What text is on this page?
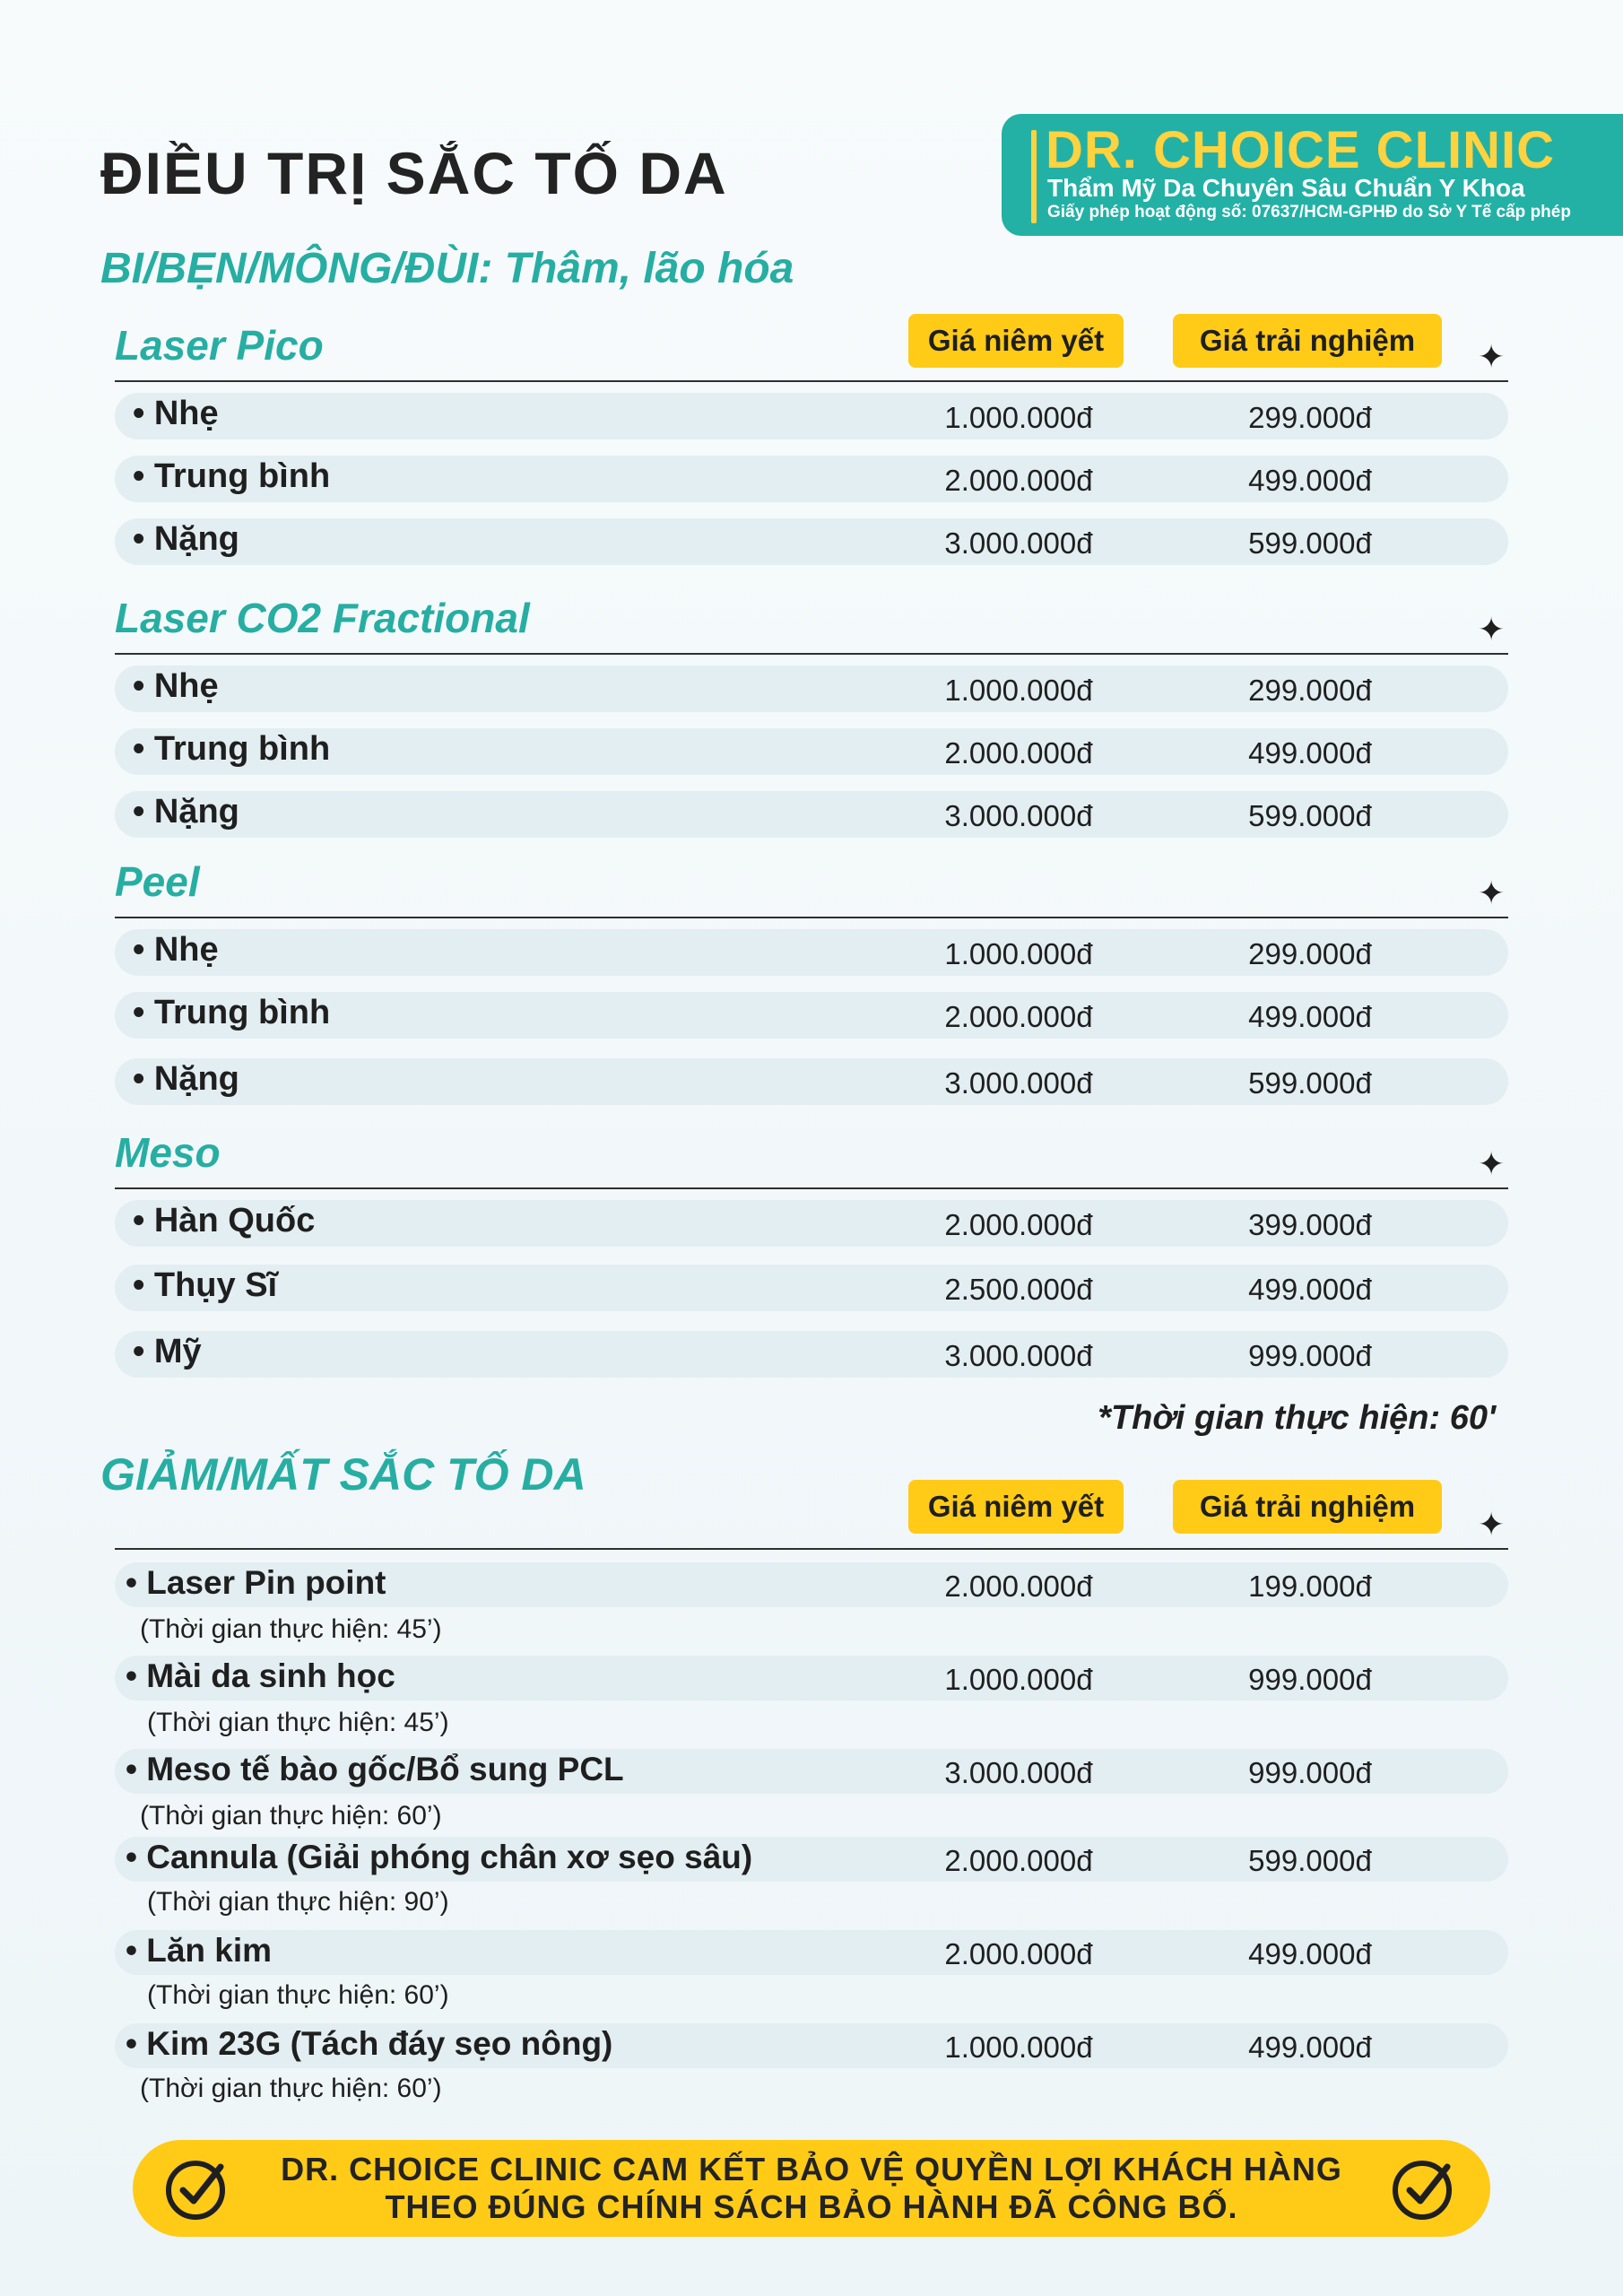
ĐIỀU TRỊ SẮC TỐ DA	DR. CHOICE CLINIC
Thẩm Mỹ Da Chuyên Sâu Chuẩn Y Khoa
Giấy phép hoạt động số: 07637/HCM-GPHĐ do Sở Y Tế cấp phép
BI/BẸN/MÔNG/ĐÙI: Thâm, lão hóa
Laser Pico	Giá niêm yết	Giá trải nghiệm	✦
• Nhẹ	1.000.000đ	299.000đ
• Trung bình	2.000.000đ	499.000đ
• Nặng	3.000.000đ	599.000đ
Laser CO2 Fractional	✦
• Nhẹ	1.000.000đ	299.000đ
• Trung bình	2.000.000đ	499.000đ
• Nặng	3.000.000đ	599.000đ
Peel	✦
• Nhẹ	1.000.000đ	299.000đ
• Trung bình	2.000.000đ	499.000đ
• Nặng	3.000.000đ	599.000đ
Meso	✦
• Hàn Quốc	2.000.000đ	399.000đ
• Thụy Sĩ	2.500.000đ	499.000đ
• Mỹ	3.000.000đ	999.000đ
*Thời gian thực hiện: 60'
GIẢM/MẤT SẮC TỐ DA
Giá niêm yết	Giá trải nghiệm	✦
• Laser Pin point	2.000.000đ	199.000đ
(Thời gian thực hiện: 45’)
• Mài da sinh học	1.000.000đ	999.000đ
(Thời gian thực hiện: 45’)
• Meso tế bào gốc/Bổ sung PCL	3.000.000đ	999.000đ
(Thời gian thực hiện: 60’)
• Cannula (Giải phóng chân xơ sẹo sâu)	2.000.000đ	599.000đ
(Thời gian thực hiện: 90’)
• Lăn kim	2.000.000đ	499.000đ
(Thời gian thực hiện: 60’)
• Kim 23G (Tách đáy sẹo nông)	1.000.000đ	499.000đ
(Thời gian thực hiện: 60’)
DR. CHOICE CLINIC CAM KẾT BẢO VỆ QUYỀN LỢI KHÁCH HÀNG
THEO ĐÚNG CHÍNH SÁCH BẢO HÀNH ĐÃ CÔNG BỐ.
